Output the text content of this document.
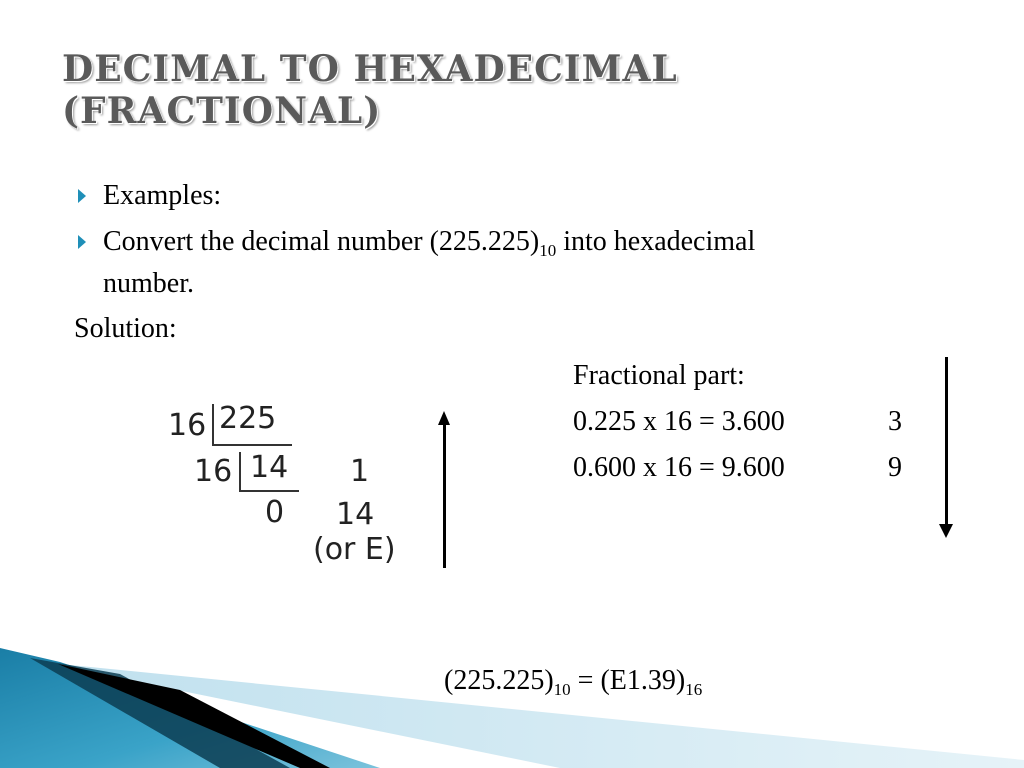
DECIMAL TO HEXADECIMAL (FRACTIONAL)
Examples:
Convert the decimal number $(225.225)_{10}$ into hexadecimal
number.
Solution:
16 225
16 14 1
0 14
(or E)
Fractional part:
0.225 x 16 = 3.600	3
0.600 x 16 = 9.600	9
$(225.225)_{10} = (E1.39)_{16}$
